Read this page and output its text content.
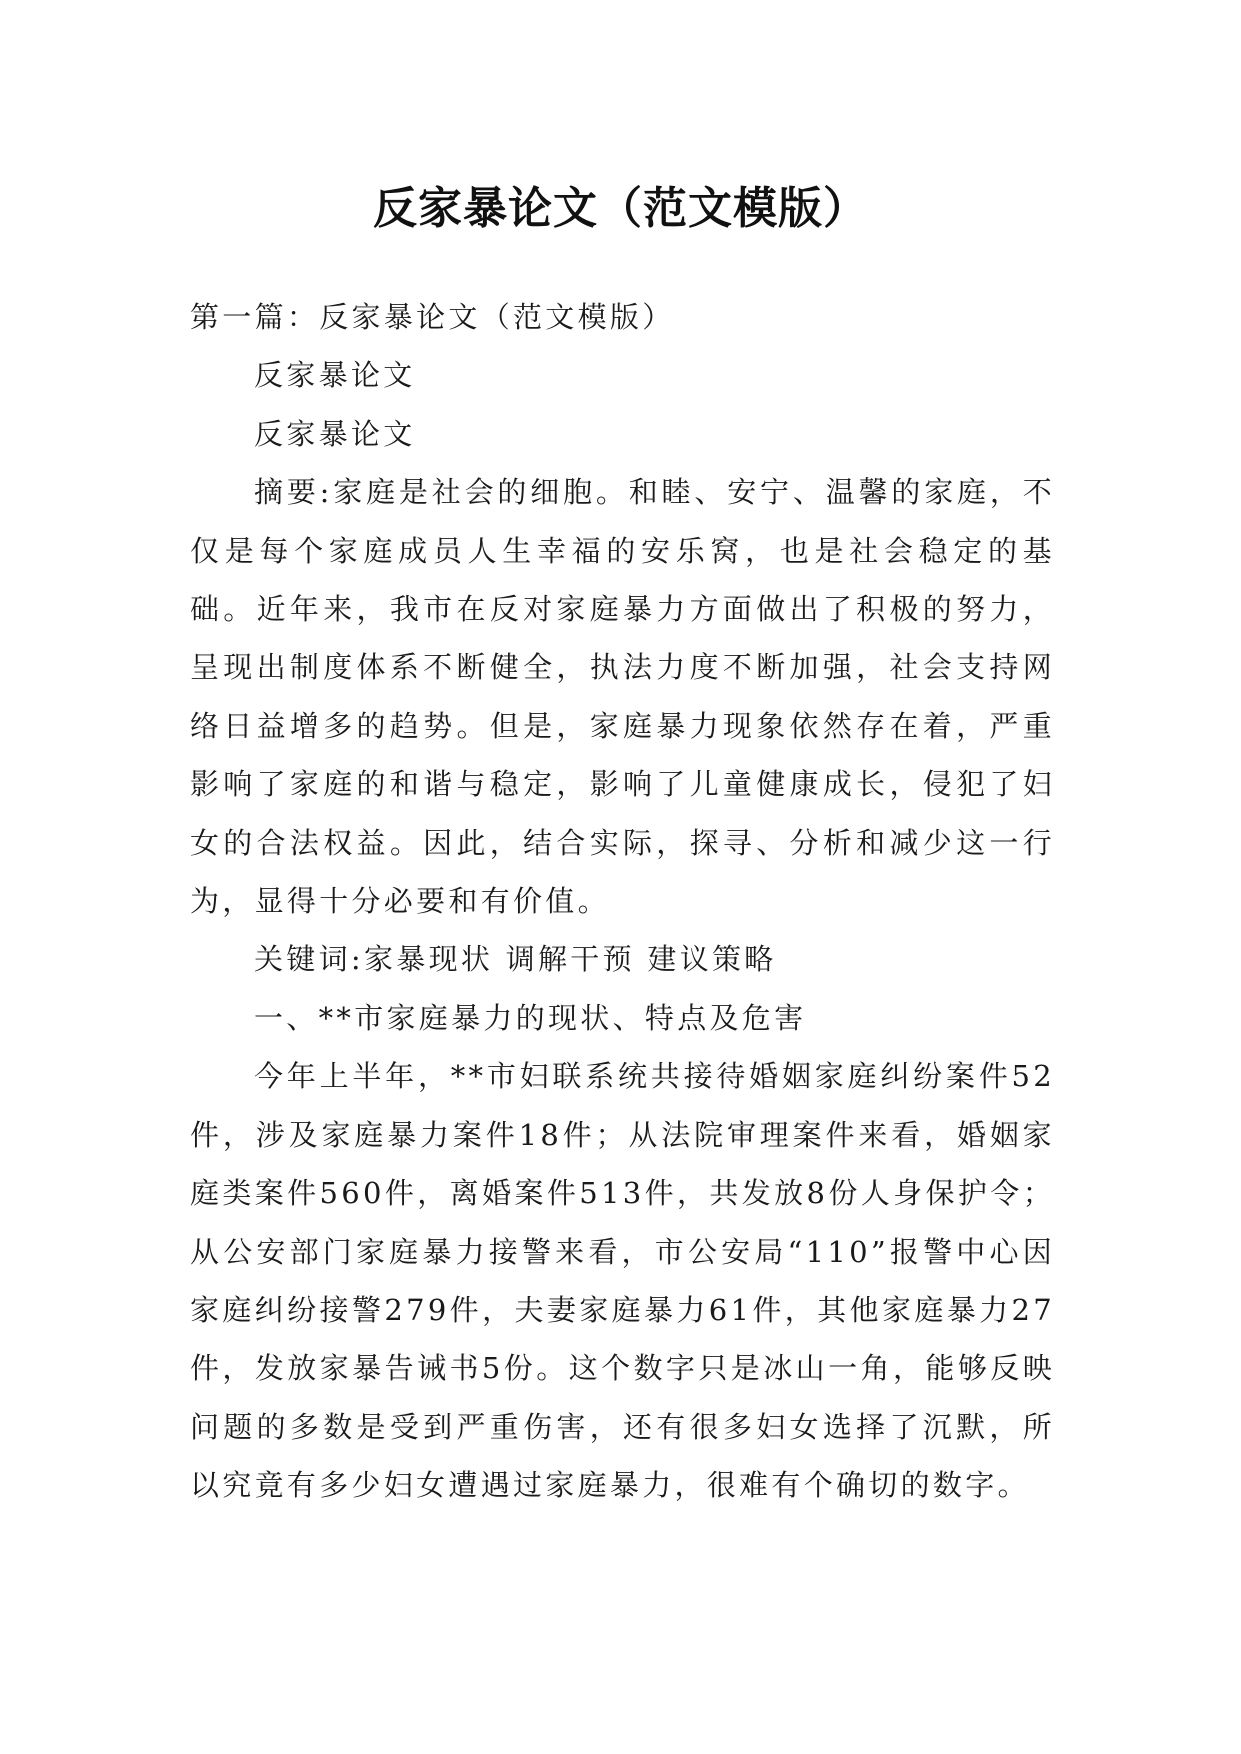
反家暴论文（范文模版）

第一篇：反家暴论文（范文模版）

反家暴论文

反家暴论文

摘要:家庭是社会的细胞。和睦、安宁、温馨的家庭，不仅是每个家庭成员人生幸福的安乐窝，也是社会稳定的基础。近年来，我市在反对家庭暴力方面做出了积极的努力，呈现出制度体系不断健全，执法力度不断加强，社会支持网络日益增多的趋势。但是，家庭暴力现象依然存在着，严重影响了家庭的和谐与稳定，影响了儿童健康成长，侵犯了妇女的合法权益。因此，结合实际，探寻、分析和减少这一行为，显得十分必要和有价值。

关键词:家暴现状 调解干预 建议策略

一、**市家庭暴力的现状、特点及危害

今年上半年，**市妇联系统共接待婚姻家庭纠纷案件52件，涉及家庭暴力案件18件；从法院审理案件来看，婚姻家庭类案件560件，离婚案件513件，共发放8份人身保护令；从公安部门家庭暴力接警来看，市公安局“110”报警中心因家庭纠纷接警279件，夫妻家庭暴力61件，其他家庭暴力27件，发放家暴告诫书5份。这个数字只是冰山一角，能够反映问题的多数是受到严重伤害，还有很多妇女选择了沉默，所以究竟有多少妇女遭遇过家庭暴力，很难有个确切的数字。
